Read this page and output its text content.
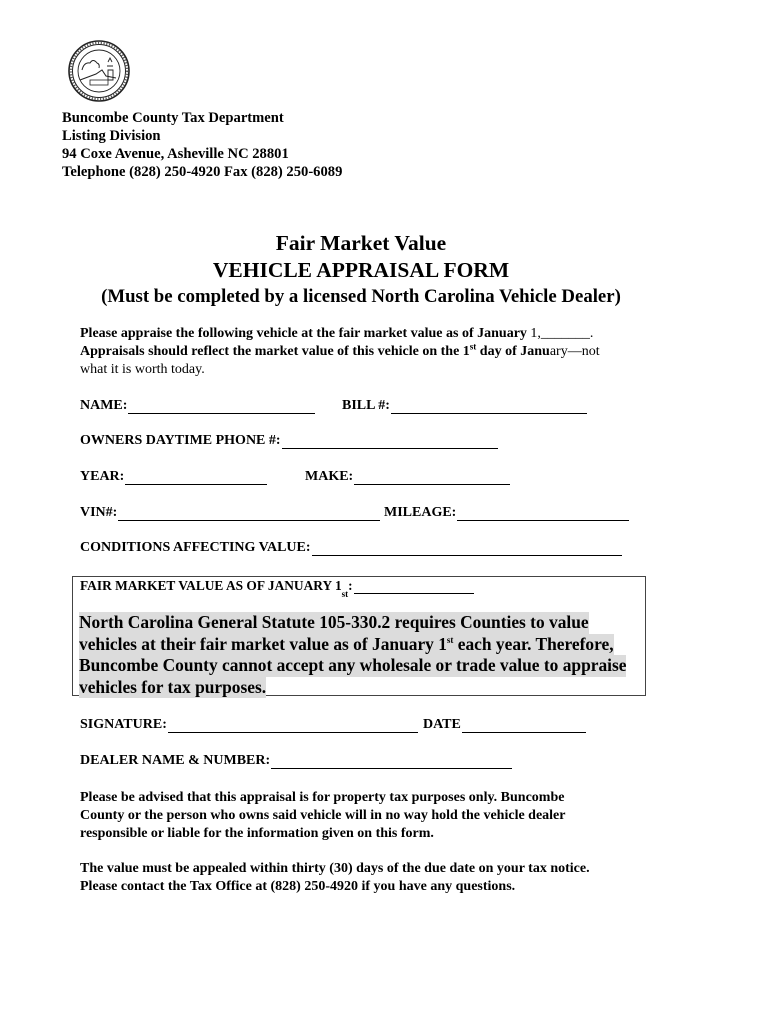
Buncombe County Tax Department
Listing Division
94 Coxe Avenue, Asheville NC 28801
Telephone (828) 250-4920 Fax (828) 250-6089
Fair Market Value
VEHICLE APPRAISAL FORM
(Must be completed by a licensed North Carolina Vehicle Dealer)
Please appraise the following vehicle at the fair market value as of January 1,_______.
Appraisals should reflect the market value of this vehicle on the 1st day of January—not
what it is worth today.
NAME:	BILL #:
OWNERS DAYTIME PHONE #:
YEAR:	MAKE:
VIN#:	MILEAGE:
CONDITIONS AFFECTING VALUE:
FAIR MARKET VALUE AS OF JANUARY 1
st
:
North Carolina General Statute 105-330.2 requires Counties to value
vehicles at their fair market value as of January 1st each year. Therefore,
Buncombe County cannot accept any wholesale or trade value to appraise
vehicles for tax purposes.
SIGNATURE:	DATE
DEALER NAME & NUMBER:
Please be advised that this appraisal is for property tax purposes only. Buncombe
County or the person who owns said vehicle will in no way hold the vehicle dealer
responsible or liable for the information given on this form.
The value must be appealed within thirty (30) days of the due date on your tax notice.
Please contact the Tax Office at (828) 250-4920 if you have any questions.
